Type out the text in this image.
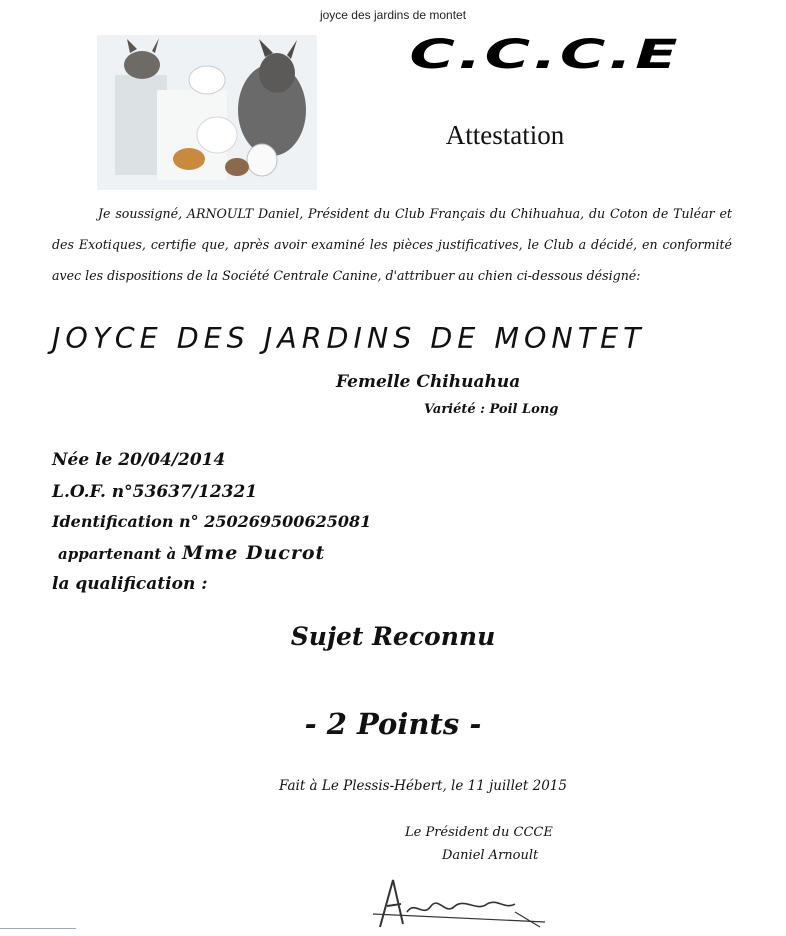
joyce des jardins de montet
C.C.C.E
Attestation
Je soussigné, ARNOULT Daniel, Président du Club Français du Chihuahua, du Coton de Tuléar et des Exotiques, certifie que, après avoir examiné les pièces justificatives, le Club a décidé, en conformité avec les dispositions de la Société Centrale Canine, d'attribuer au chien ci-dessous désigné:
JOYCE DES JARDINS DE MONTET
Femelle Chihuahua
Variété : Poil Long
Née le 20/04/2014
L.O.F. n°53637/12321
Identification n° 250269500625081
appartenant à Mme Ducrot
la qualification :
Sujet Reconnu
- 2 Points -
Fait à Le Plessis-Hébert, le 11 juillet 2015
Le Président du CCCE
Daniel Arnoult
